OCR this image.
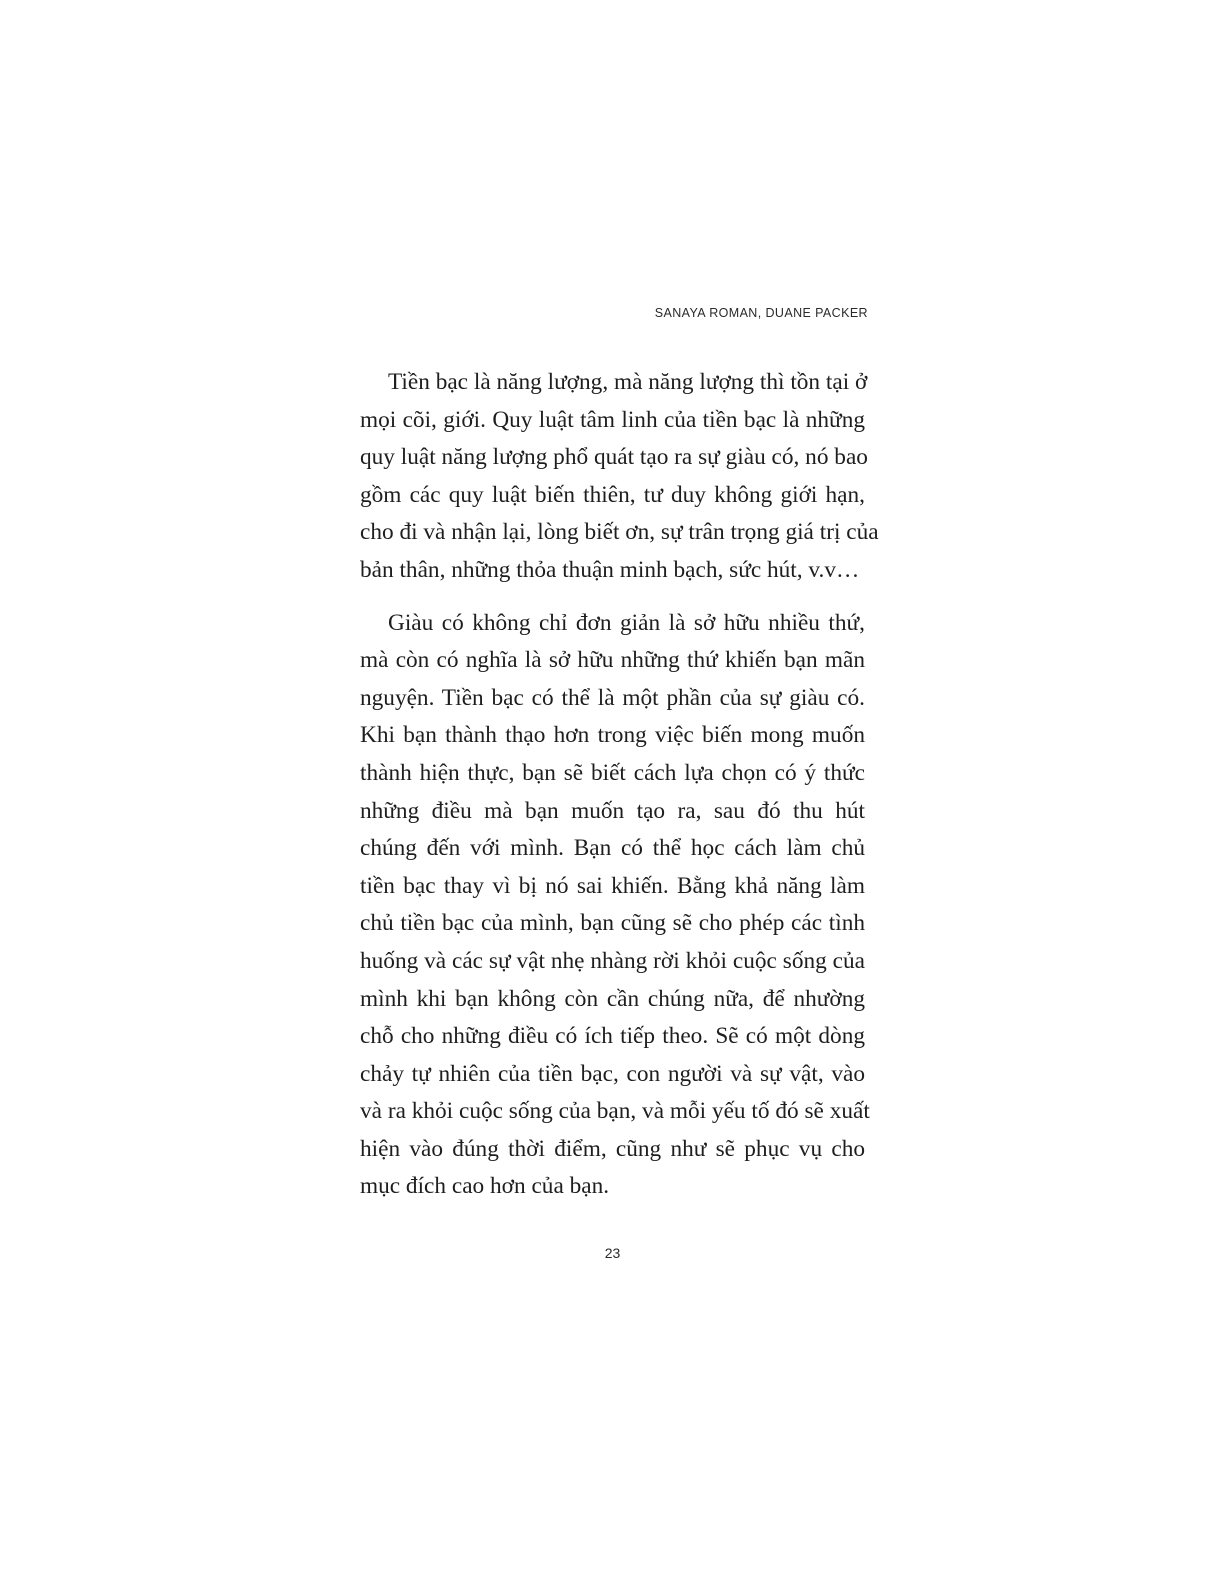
SANAYA ROMAN, DUANE PACKER

Tiền bạc là năng lượng, mà năng lượng thì tồn tại ở
mọi cõi, giới. Quy luật tâm linh của tiền bạc là những
quy luật năng lượng phổ quát tạo ra sự giàu có, nó bao
gồm các quy luật biến thiên, tư duy không giới hạn,
cho đi và nhận lại, lòng biết ơn, sự trân trọng giá trị của
bản thân, những thỏa thuận minh bạch, sức hút, v.v…

Giàu có không chỉ đơn giản là sở hữu nhiều thứ,
mà còn có nghĩa là sở hữu những thứ khiến bạn mãn
nguyện. Tiền bạc có thể là một phần của sự giàu có.
Khi bạn thành thạo hơn trong việc biến mong muốn
thành hiện thực, bạn sẽ biết cách lựa chọn có ý thức
những điều mà bạn muốn tạo ra, sau đó thu hút
chúng đến với mình. Bạn có thể học cách làm chủ
tiền bạc thay vì bị nó sai khiến. Bằng khả năng làm
chủ tiền bạc của mình, bạn cũng sẽ cho phép các tình
huống và các sự vật nhẹ nhàng rời khỏi cuộc sống của
mình khi bạn không còn cần chúng nữa, để nhường
chỗ cho những điều có ích tiếp theo. Sẽ có một dòng
chảy tự nhiên của tiền bạc, con người và sự vật, vào
và ra khỏi cuộc sống của bạn, và mỗi yếu tố đó sẽ xuất
hiện vào đúng thời điểm, cũng như sẽ phục vụ cho
mục đích cao hơn của bạn.

23
